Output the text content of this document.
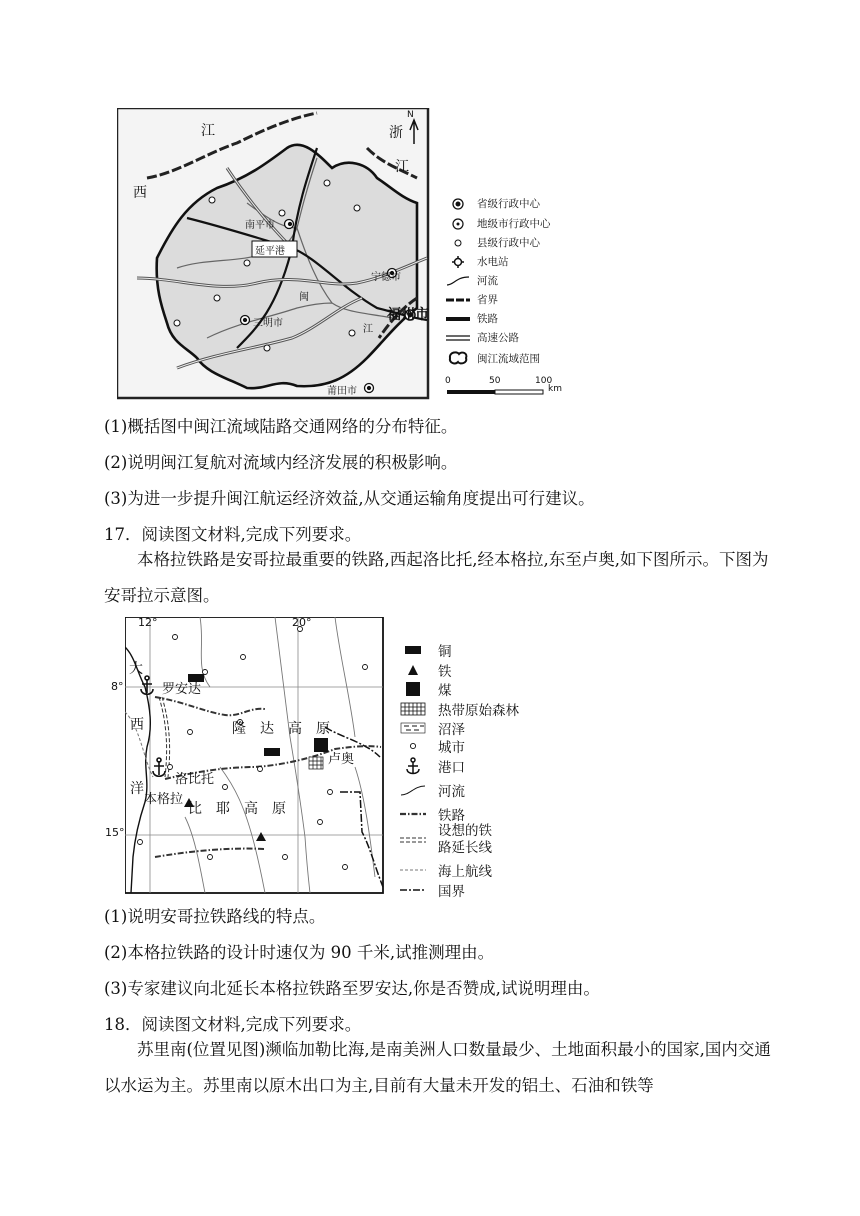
江	浙
江
西
N
南平市
延平港
宁德市
三明市
闽
福州市
江
莆田市
省级行政中心
地级市行政中心
县级行政中心
水电站
河流
省界
铁路
高速公路
闽江流域范围
0	50	100
km
(1)概括图中闽江流域陆路交通网络的分布特征。
(2)说明闽江复航对流域内经济发展的积极影响。
(3)为进一步提升闽江航运经济效益,从交通运输角度提出可行建议。
17．阅读图文材料,完成下列要求。
本格拉铁路是安哥拉最重要的铁路,西起洛比托,经本格拉,东至卢奥,如下图所示。下图为安哥拉示意图。
12°	20°
8°
15°
大
西
洋
罗安达
洛比托
本格拉
卢奥
隆　达　高　原
比　耶　高　原
铜
铁
煤
热带原始森林
沼泽
城市
港口
河流
铁路
设想的铁
路延长线
海上航线
国界
(1)说明安哥拉铁路线的特点。
(2)本格拉铁路的设计时速仅为 90 千米,试推测理由。
(3)专家建议向北延长本格拉铁路至罗安达,你是否赞成,试说明理由。
18．阅读图文材料,完成下列要求。
苏里南(位置见图)濒临加勒比海,是南美洲人口数量最少、土地面积最小的国家,国内交通以水运为主。苏里南以原木出口为主,目前有大量未开发的铝土、石油和铁等
